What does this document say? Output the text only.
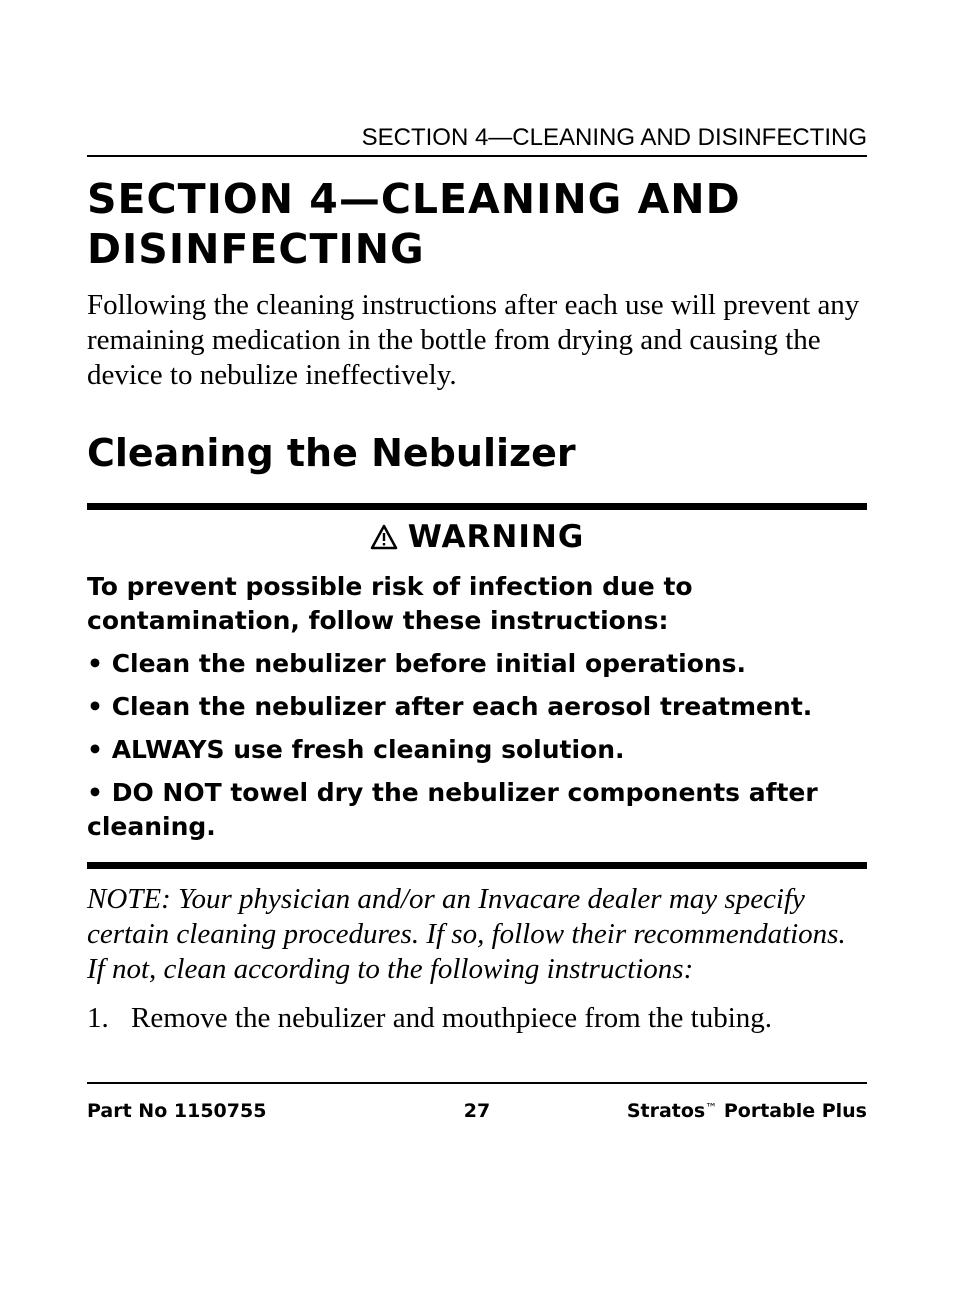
SECTION 4—CLEANING AND DISINFECTING
SECTION 4—CLEANING AND DISINFECTING

Following the cleaning instructions after each use will prevent any remaining medication in the bottle from drying and causing the device to nebulize ineffectively.

Cleaning the Nebulizer
WARNING

To prevent possible risk of infection due to contamination, follow these instructions:

• Clean the nebulizer before initial operations.

• Clean the nebulizer after each aerosol treatment.

• ALWAYS use fresh cleaning solution.

• DO NOT towel dry the nebulizer components after cleaning.

NOTE: Your physician and/or an Invacare dealer may specify certain cleaning procedures. If so, follow their recommendations. If not, clean according to the following instructions:

1. Remove the nebulizer and mouthpiece from the tubing.

Part No 1150755	27	Stratos™ Portable Plus
